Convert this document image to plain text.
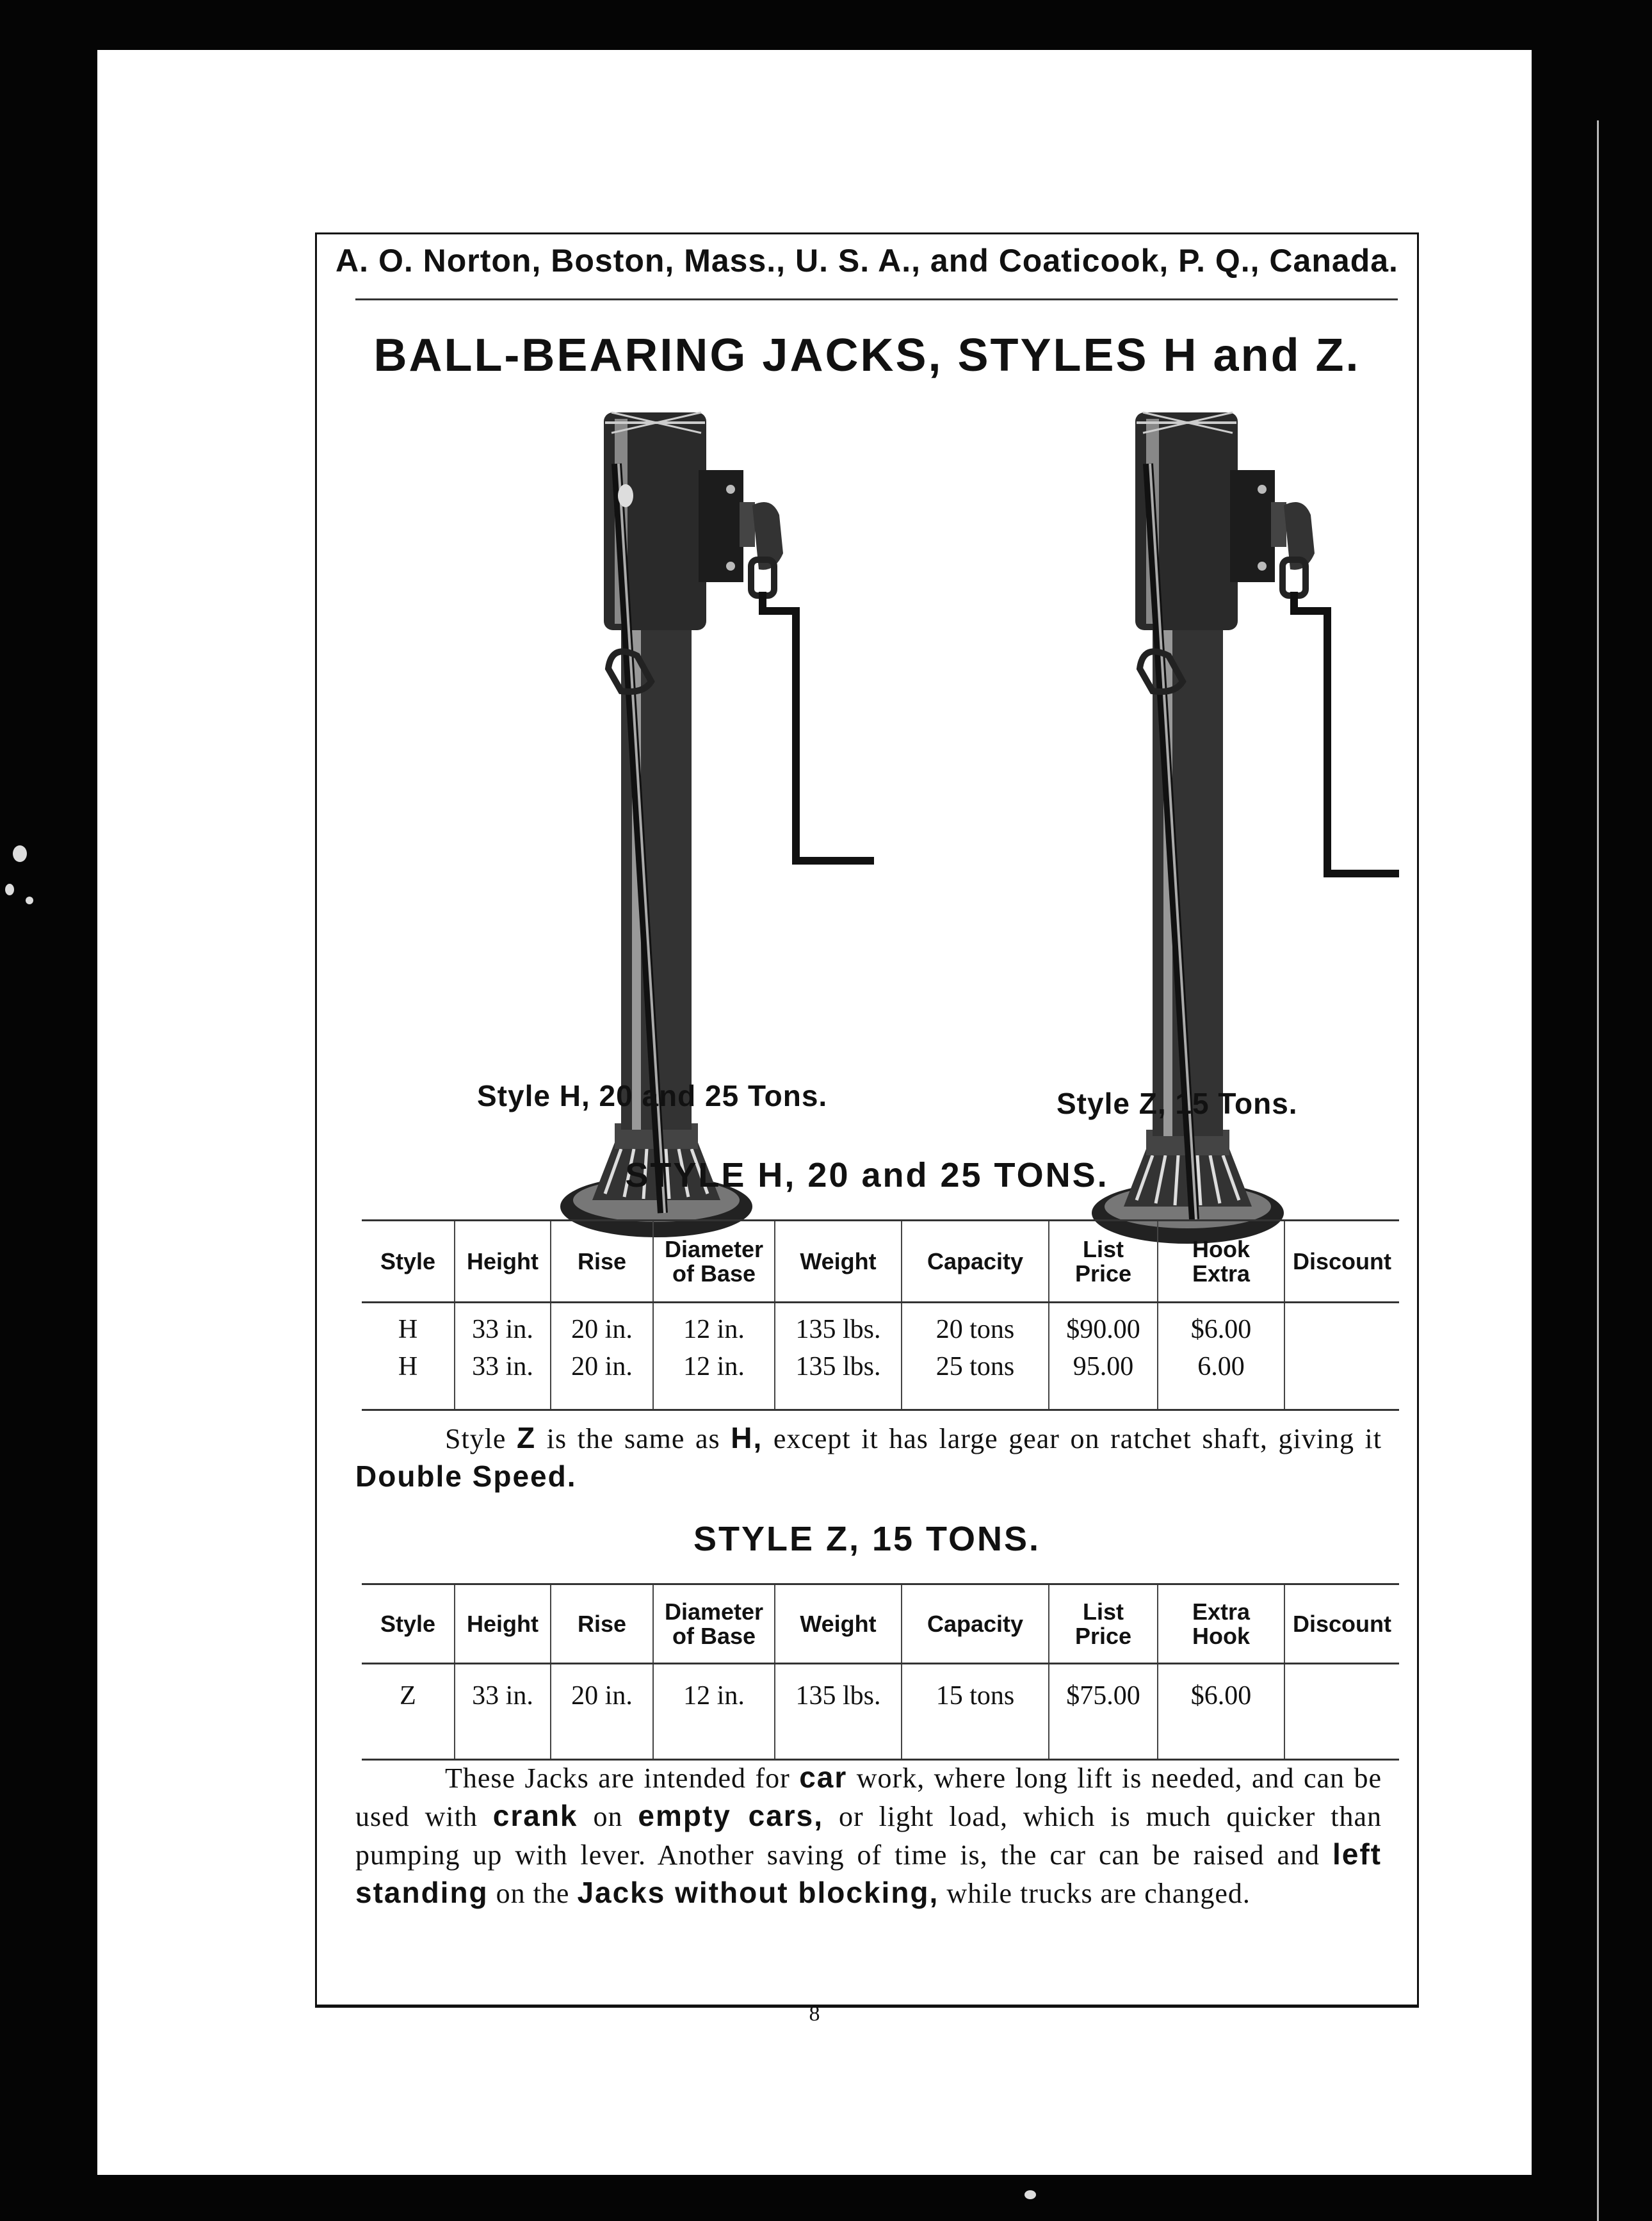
A. O. Norton, Boston, Mass., U. S. A., and Coaticook, P. Q., Canada.
BALL-BEARING JACKS, STYLES H and Z.
Style H, 20 and 25 Tons.	Style Z, 15 Tons.
STYLE H, 20 and 25 TONS.
Style	Height	Rise	Diameter of Base	Weight	Capacity	List Price	Hook Extra	Discount
H	33 in.	20 in.	12 in.	135 lbs.	20 tons	$90.00	$6.00	
H	33 in.	20 in.	12 in.	135 lbs.	25 tons	95.00	6.00	
Style Z is the same as H, except it has large gear on ratchet shaft, giving it Double Speed.
STYLE Z, 15 TONS.
Style	Height	Rise	Diameter of Base	Weight	Capacity	List Price	Extra Hook	Discount
Z	33 in.	20 in.	12 in.	135 lbs.	15 tons	$75.00	$6.00	
These Jacks are intended for car work, where long lift is needed, and can be used with crank on empty cars, or light load, which is much quicker than pumping up with lever. Another saving of time is, the car can be raised and left standing on the Jacks without blocking, while trucks are changed.
8
